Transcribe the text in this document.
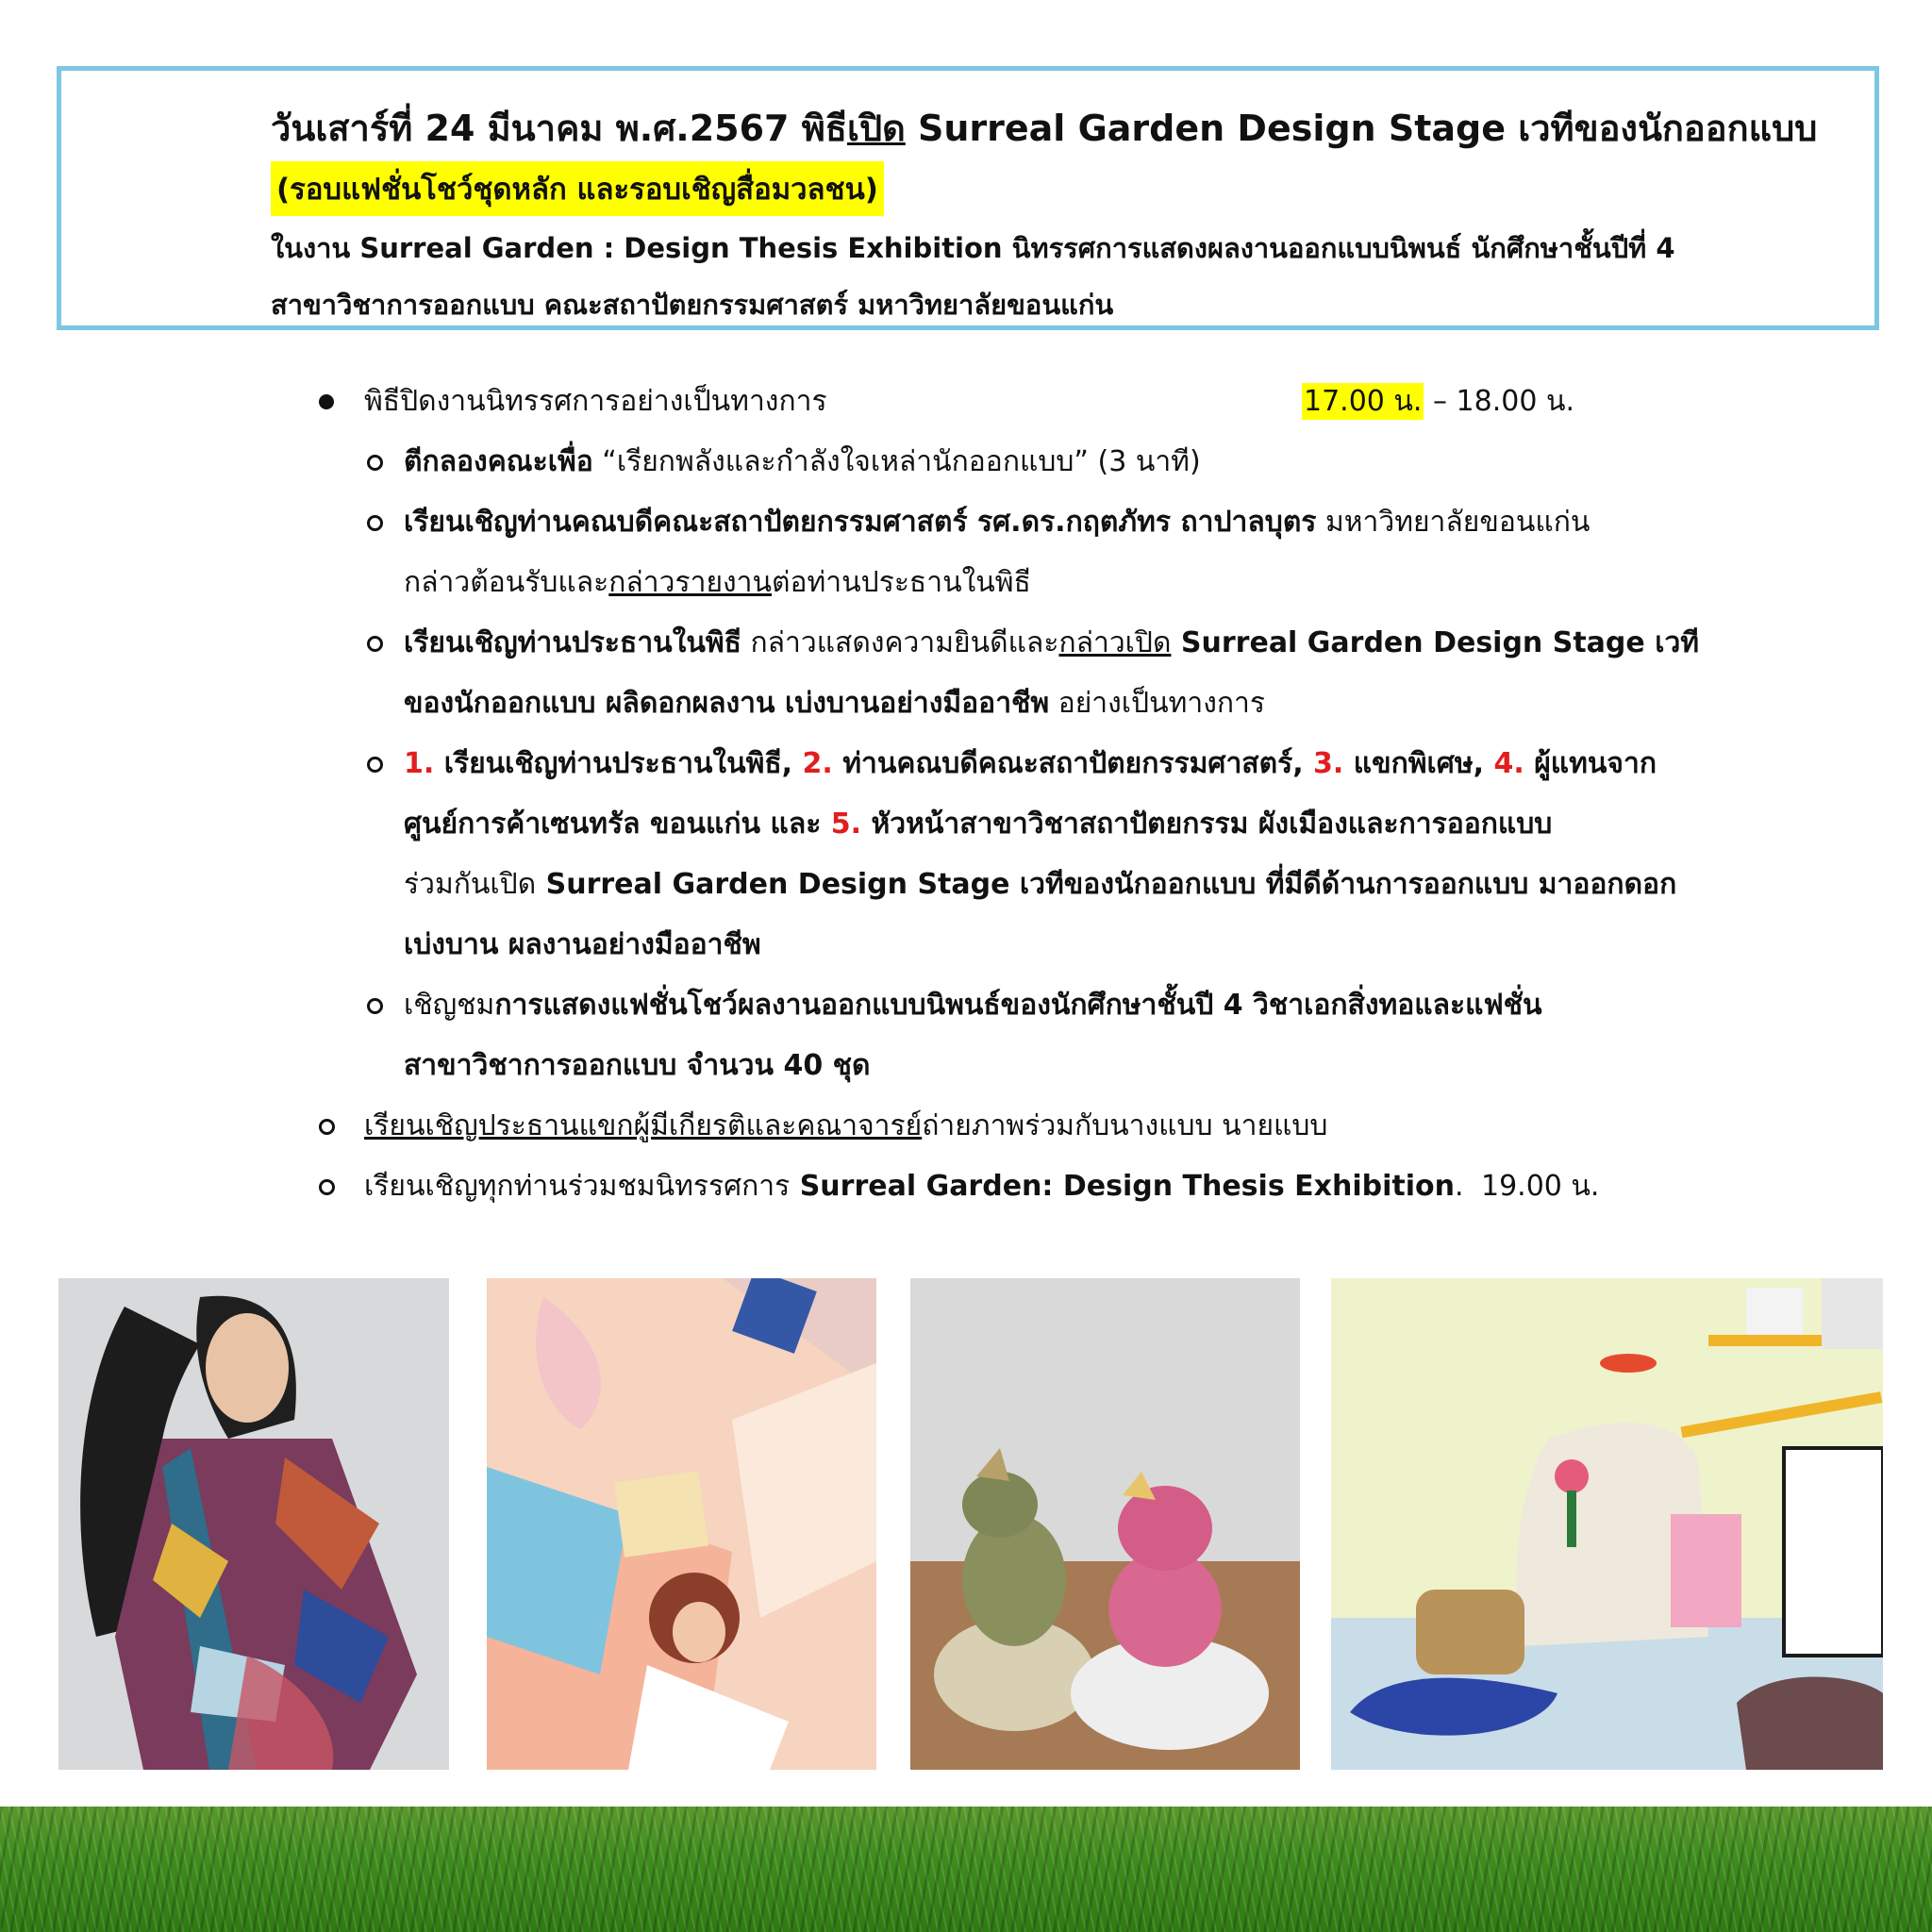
วันเสาร์ที่ 24 มีนาคม พ.ศ.2567 พิธีเปิด Surreal Garden Design Stage เวทีของนักออกแบบ

(รอบแฟชั่นโชว์ชุดหลัก และรอบเชิญสื่อมวลชน)

ในงาน Surreal Garden : Design Thesis Exhibition นิทรรศการแสดงผลงานออกแบบนิพนธ์ นักศึกษาชั้นปีที่ 4

สาขาวิชาการออกแบบ คณะสถาปัตยกรรมศาสตร์ มหาวิทยาลัยขอนแก่น

พิธีปิดงานนิทรรศการอย่างเป็นทางการ	17.00 น. – 18.00 น.
ตีกลองคณะเพื่อ “เรียกพลังและกำลังใจเหล่านักออกแบบ” (3 นาที)
เรียนเชิญท่านคณบดีคณะสถาปัตยกรรมศาสตร์ รศ.ดร.กฤตภัทร ถาปาลบุตร มหาวิทยาลัยขอนแก่น
กล่าวต้อนรับและกล่าวรายงานต่อท่านประธานในพิธี
เรียนเชิญท่านประธานในพิธี กล่าวแสดงความยินดีและกล่าวเปิด Surreal Garden Design Stage เวที
ของนักออกแบบ ผลิดอกผลงาน เบ่งบานอย่างมืออาชีพ อย่างเป็นทางการ
1. เรียนเชิญท่านประธานในพิธี, 2. ท่านคณบดีคณะสถาปัตยกรรมศาสตร์, 3. แขกพิเศษ, 4. ผู้แทนจาก
ศูนย์การค้าเซนทรัล ขอนแก่น และ 5. หัวหน้าสาขาวิชาสถาปัตยกรรม ผังเมืองและการออกแบบ
ร่วมกันเปิด Surreal Garden Design Stage เวทีของนักออกแบบ ที่มีดีด้านการออกแบบ มาออกดอก
เบ่งบาน ผลงานอย่างมืออาชีพ
เชิญชมการแสดงแฟชั่นโชว์ผลงานออกแบบนิพนธ์ของนักศึกษาชั้นปี 4 วิชาเอกสิ่งทอและแฟชั่น
สาขาวิชาการออกแบบ จำนวน 40 ชุด
เรียนเชิญประธานแขกผู้มีเกียรติและคณาจารย์ถ่ายภาพร่วมกับนางแบบ นายแบบ
เรียนเชิญทุกท่านร่วมชมนิทรรศการ Surreal Garden: Design Thesis Exhibition. 19.00 น.
